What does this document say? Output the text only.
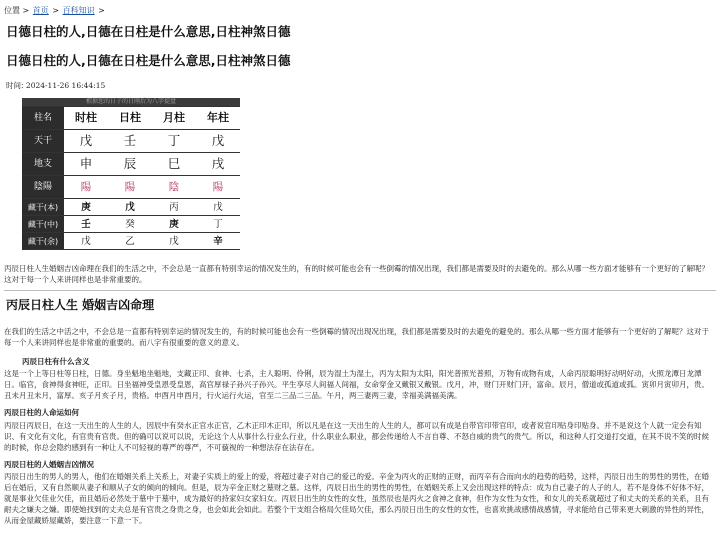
位置 > 首页 > 百科知识 >
日德日柱的人,日德在日柱是什么意思,日柱神煞日德
日德日柱的人,日德在日柱是什么意思,日柱神煞日德
时间: 2024-11-26 16:44:15
根据您的日子的日刚后为八字提盘				
柱名	时柱	日柱	月柱	年柱
天干	戊	壬	丁	戊
地支	申	辰	巳	戌
陰陽	陽	陽	陰	陽
藏干(本)	庚	戊	丙	戊
藏干(中)	壬	癸	庚	丁
藏干(余)	戊	乙	戊	辛

丙辰日柱人生婚姻吉凶命理在我们的生活之中，不会总是一直都有特别幸运的情况发生的，有的时候可能也会有一些倒霉的情况出现，我们都是需要及时的去避免的。那么从哪一些方面才能够有一个更好的了解呢？这对于每一个人来讲同样也是非常重要的。

丙辰日柱人生 婚姻吉凶命理

在我们的生活之中活之中，不会总是一直都有特别幸运的情况发生的，有的时候可能也会有一些倒霉的情况出现况出现，我们都是需要及时的去避免的避免的。那么从哪一些方面才能够有一个更好的了解呢？这对于每一个人来讲同样也是非常重的重要的。而八字有很重要的意义的意义。

丙辰日柱有什么含义

这是一个上等日柱等日柱，日德。身坐魁地坐魁地，支藏正印、食神、七杀，主人聪明、伶俐，辰为湿土为湿土，丙为太阳为太阳，阳光普照光普照，万物有成物有成，人命丙辰聪明好动明好动，火照龙潭日龙潭日。临官，食神得食神旺，正印。日坐福神受皇恩受皇恩，高官厚禄子孙兴子孙兴。平生享尽人间福人间福，女命穿金又戴银又戴银。戊月，冲，财门开财门开，富命。辰月，僧道或孤道或孤。寅卯月寅卯月，贵。丑未月丑未月，富厚。亥子月亥子月，贵格。申酉月申酉月，行火运行火运，官至二三品二三品。午月，两三妻两三妻，幸福美满福美满。

丙辰日柱的人命运如何

丙辰日丙辰日，在这一天出生的人生的人，因辰中有癸水正官水正官，乙木正印木正印，所以凡是在这一天出生的人生的人，都可以有成是自带官印带官印，或者说官印贴身印贴身。并不是说这个人就一定会有知识、有文化有文化，有官贵有官贵。但的确可以说可以说，无论这个人从事什么行业么行业，什么职业么职业，都会传递给人不言自尊、不怒自威的贵气的贵气。所以，和这种人打交道打交道，在其不说不笑的时候的时候，你总会隐约感到有一种让人不可轻视的尊严的尊严，不可藐视的一种想法存在法存在。

丙辰日柱的人婚姻吉凶情况

丙辰日出生的男人的男人，他们在婚姻关系上关系上，对妻子实质上的爱上的爱，将超过妻子对自己的爱己的爱。辛金为丙火的正财的正财，而丙辛有合而向水的趋势的趋势，这样，丙辰日出生的男性的男性，在婚后在婚后，又有自然顺从妻子和顺从子女的倾向的倾向。但是，辰为辛金正财之墓财之墓。这样，丙辰日出生的男性的男性，在婚姻关系上又会出现这样的特点：成为自己妻子的人子的人，若不是身体不好体不好，就是事业欠佳业欠佳，而且婚后必然处于墓中于墓中，成为最好的持家妇女家妇女。丙辰日出生的女性的女性，虽然辰也是丙火之食神之食神，但作为女性为女性，和女儿的关系就超过了和丈夫的关系的关系，且有耐夫之嫌夫之嫌。即使她找到的丈夫总是有官贵之身贵之身，也会如此会如此。若整个干支组合格局欠佳局欠佳，那么丙辰日出生的女性的女性，也喜欢挑战感情战感情，寻求能给自己带来更大刺激的异性的异性，从而金屋藏娇屋藏娇，要注意一下意一下。
